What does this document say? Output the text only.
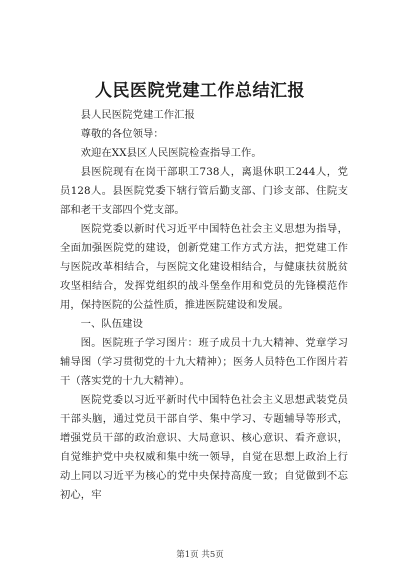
人民医院党建工作总结汇报

县人民医院党建工作汇报

尊敬的各位领导：

欢迎在XX县区人民医院检查指导工作。

县医院现有在岗干部职工738人，离退休职工244人，党员128人。县医院党委下辖行管后勤支部、门诊支部、住院支部和老干支部四个党支部。

医院党委以新时代习近平中国特色社会主义思想为指导，全面加强医院党的建设，创新党建工作方式方法，把党建工作与医院改革相结合，与医院文化建设相结合，与健康扶贫脱贫攻坚相结合，发挥党组织的战斗堡垒作用和党员的先锋模范作用，保持医院的公益性质，推进医院建设和发展。

一、队伍建设

图。医院班子学习图片：班子成员十九大精神、党章学习辅导图（学习贯彻党的十九大精神）；医务人员特色工作图片若干（落实党的十九大精神）。

医院党委以习近平新时代中国特色社会主义思想武装党员干部头脑，通过党员干部自学、集中学习、专题辅导等形式，增强党员干部的政治意识、大局意识、核心意识、看齐意识，自觉维护党中央权威和集中统一领导，自觉在思想上政治上行动上同以习近平为核心的党中央保持高度一致；自觉做到不忘初心，牢

第1页 共5页
